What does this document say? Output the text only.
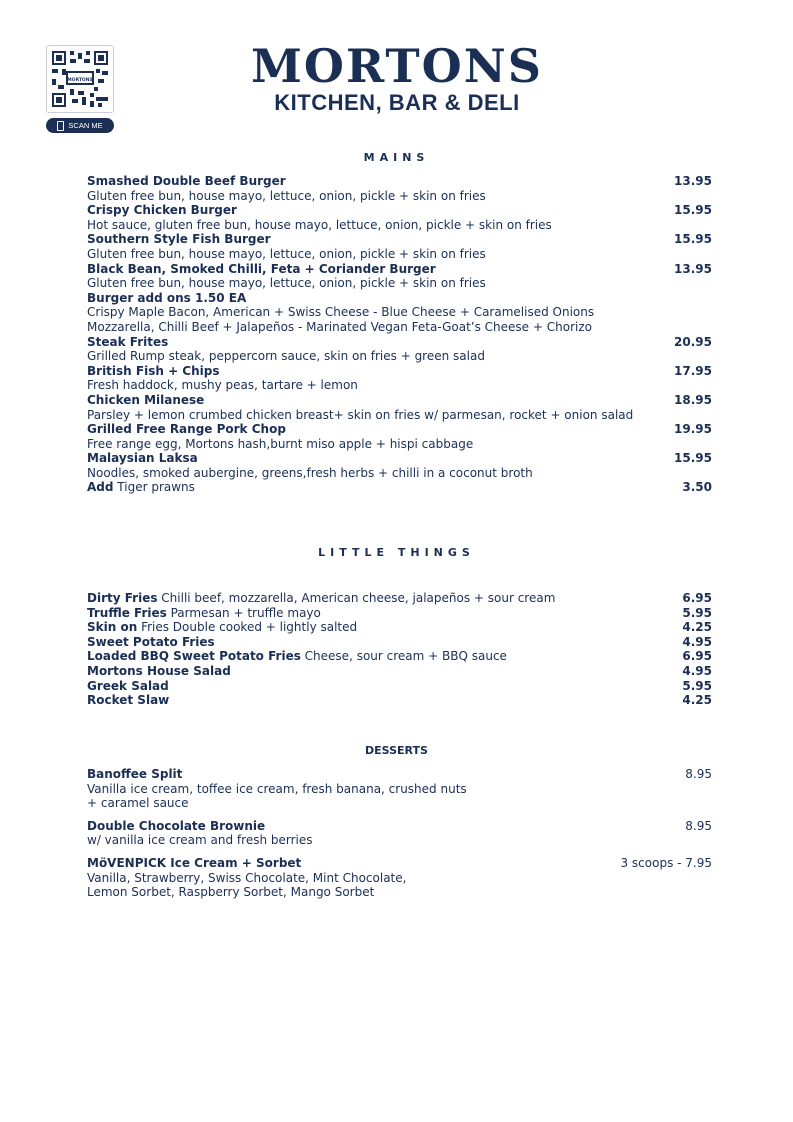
MORTONS
SCAN ME
MORTONS
KITCHEN, BAR & DELI
MAINS
Smashed Double Beef Burger	13.95
Gluten free bun, house mayo, lettuce, onion, pickle + skin on fries
Crispy Chicken Burger	15.95
Hot sauce, gluten free bun, house mayo, lettuce, onion, pickle + skin on fries
Southern Style Fish Burger	15.95
Gluten free bun, house mayo, lettuce, onion, pickle + skin on fries
Black Bean, Smoked Chilli, Feta + Coriander Burger	13.95
Gluten free bun, house mayo, lettuce, onion, pickle + skin on fries
Burger add ons 1.50 EA
Crispy Maple Bacon, American + Swiss Cheese - Blue Cheese + Caramelised Onions
Mozzarella, Chilli Beef + Jalapeños - Marinated Vegan Feta-Goat’s Cheese + Chorizo
Steak Frites	20.95
Grilled Rump steak, peppercorn sauce, skin on fries + green salad
British Fish + Chips	17.95
Fresh haddock, mushy peas, tartare + lemon
Chicken Milanese	18.95
Parsley + lemon crumbed chicken breast+ skin on fries w/ parmesan, rocket + onion salad
Grilled Free Range Pork Chop	19.95
Free range egg, Mortons hash,burnt miso apple + hispi cabbage
Malaysian Laksa	15.95
Noodles, smoked aubergine, greens,fresh herbs + chilli in a coconut broth
Add Tiger prawns	3.50
LITTLE THINGS
Dirty Fries Chilli beef, mozzarella, American cheese, jalapeños + sour cream	6.95
Truffle Fries Parmesan + truffle mayo	5.95
Skin on Fries Double cooked + lightly salted	4.25
Sweet Potato Fries	4.95
Loaded BBQ Sweet Potato Fries Cheese, sour cream + BBQ sauce	6.95
Mortons House Salad	4.95
Greek Salad	5.95
Rocket Slaw	4.25
DESSERTS
Banoffee Split	8.95
Vanilla ice cream, toffee ice cream, fresh banana, crushed nuts
+ caramel sauce
Double Chocolate Brownie	8.95
w/ vanilla ice cream and fresh berries
MöVENPICK Ice Cream + Sorbet	3 scoops - 7.95
Vanilla, Strawberry, Swiss Chocolate, Mint Chocolate,
Lemon Sorbet, Raspberry Sorbet, Mango Sorbet
